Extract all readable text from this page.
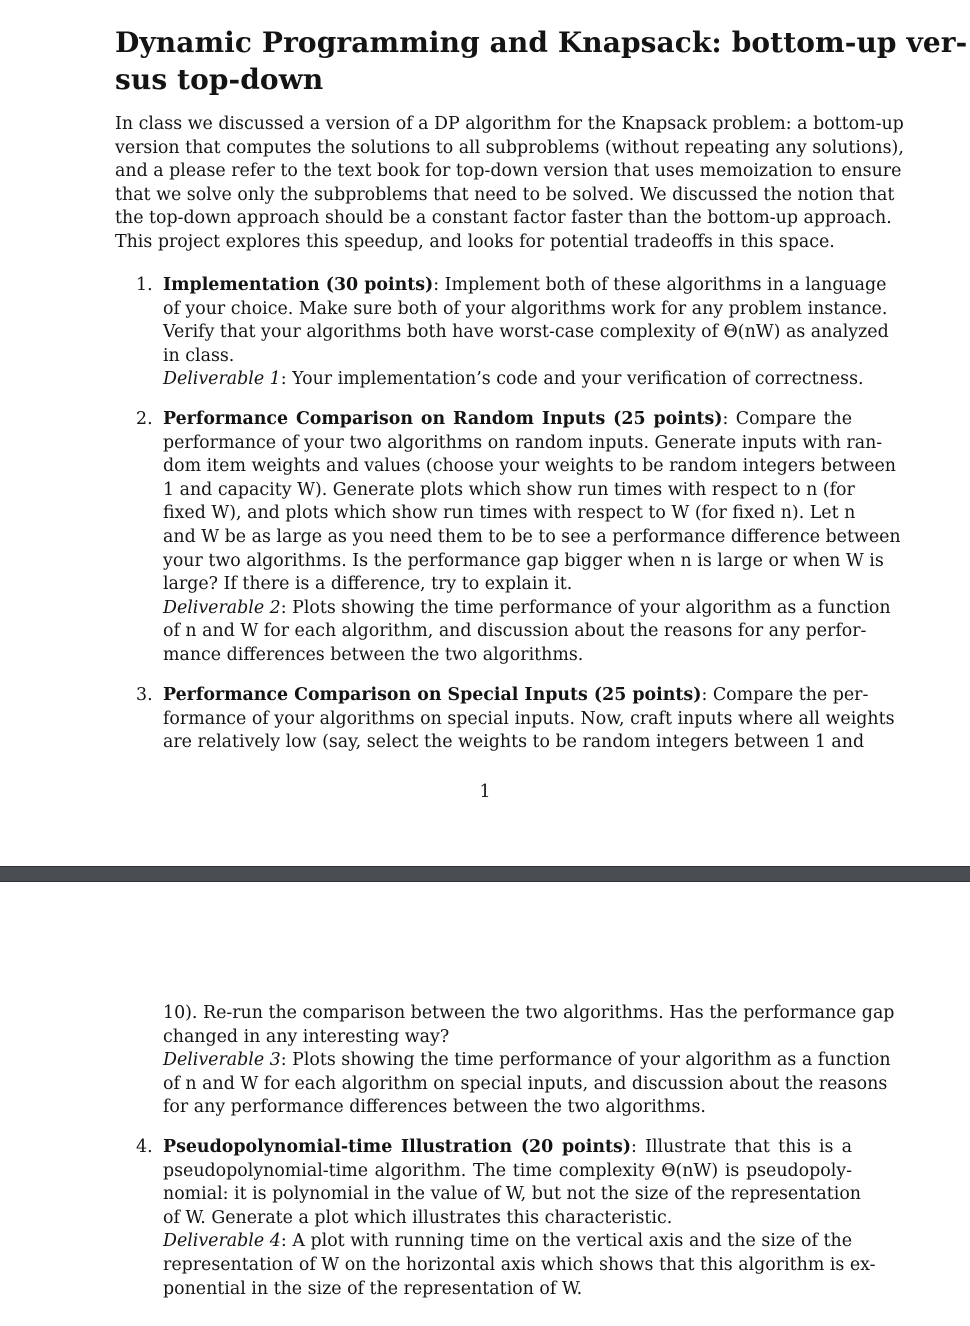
Dynamic Programming and Knapsack: bottom-up ver-
sus top-down
In class we discussed a version of a DP algorithm for the Knapsack problem: a bottom-up
version that computes the solutions to all subproblems (without repeating any solutions),
and a please refer to the text book for top-down version that uses memoization to ensure
that we solve only the subproblems that need to be solved. We discussed the notion that
the top-down approach should be a constant factor faster than the bottom-up approach.
This project explores this speedup, and looks for potential tradeoffs in this space.
1. Implementation (30 points): Implement both of these algorithms in a language
of your choice. Make sure both of your algorithms work for any problem instance.
Verify that your algorithms both have worst-case complexity of Θ(nW) as analyzed
in class.
Deliverable 1: Your implementation’s code and your verification of correctness.
2. Performance Comparison on Random Inputs (25 points): Compare the
performance of your two algorithms on random inputs. Generate inputs with ran-
dom item weights and values (choose your weights to be random integers between
1 and capacity W). Generate plots which show run times with respect to n (for
fixed W), and plots which show run times with respect to W (for fixed n). Let n
and W be as large as you need them to be to see a performance difference between
your two algorithms. Is the performance gap bigger when n is large or when W is
large? If there is a difference, try to explain it.
Deliverable 2: Plots showing the time performance of your algorithm as a function
of n and W for each algorithm, and discussion about the reasons for any perfor-
mance differences between the two algorithms.
3. Performance Comparison on Special Inputs (25 points): Compare the per-
formance of your algorithms on special inputs. Now, craft inputs where all weights
are relatively low (say, select the weights to be random integers between 1 and
1
10). Re-run the comparison between the two algorithms. Has the performance gap
changed in any interesting way?
Deliverable 3: Plots showing the time performance of your algorithm as a function
of n and W for each algorithm on special inputs, and discussion about the reasons
for any performance differences between the two algorithms.
4. Pseudopolynomial-time Illustration (20 points): Illustrate that this is a
pseudopolynomial-time algorithm. The time complexity Θ(nW) is pseudopoly-
nomial: it is polynomial in the value of W, but not the size of the representation
of W. Generate a plot which illustrates this characteristic.
Deliverable 4: A plot with running time on the vertical axis and the size of the
representation of W on the horizontal axis which shows that this algorithm is ex-
ponential in the size of the representation of W.
